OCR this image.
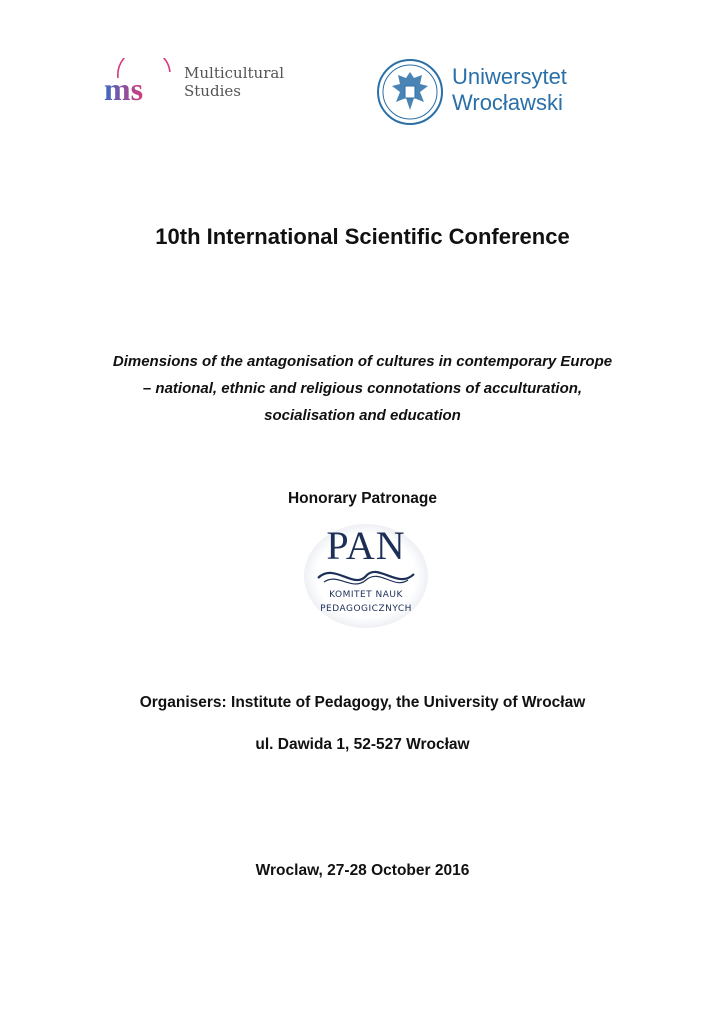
ms	Multicultural
Studies
Uniwersytet
Wrocławski
10th International Scientific Conference
Dimensions of the antagonisation of cultures in contemporary Europe
– national, ethnic and religious connotations of acculturation,
socialisation and education
Honorary Patronage
PAN
KOMITET NAUK
PEDAGOGICZNYCH
Organisers: Institute of Pedagogy, the University of Wrocław
ul. Dawida 1, 52-527 Wrocław
Wroclaw, 27-28 October 2016
